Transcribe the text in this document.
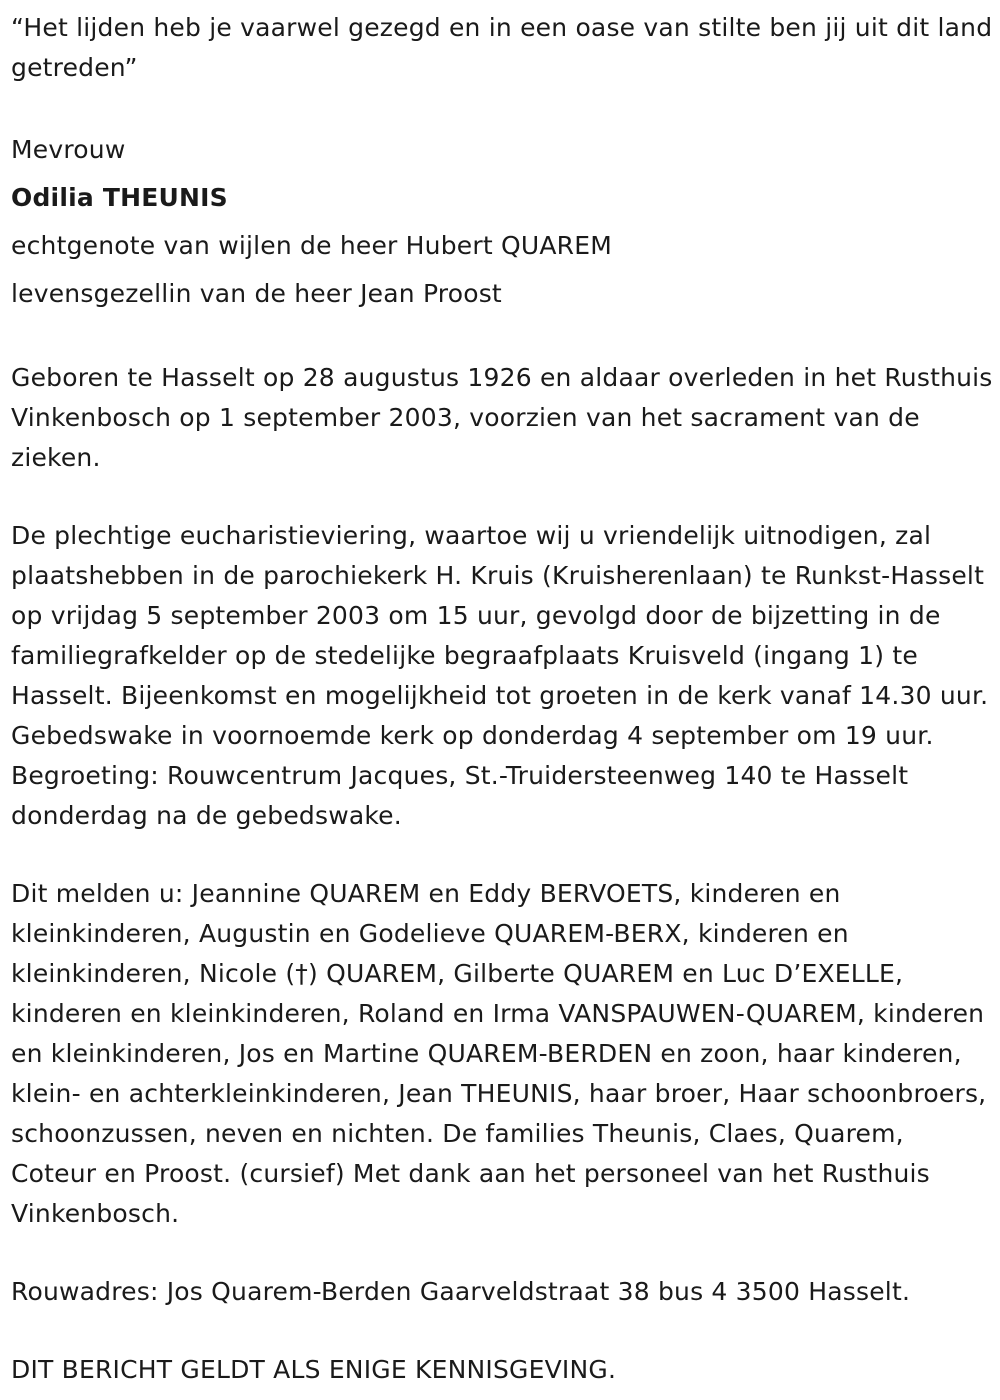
“Het lijden heb je vaarwel gezegd en in een oase van stilte ben jij uit dit land getreden”

Mevrouw

Odilia THEUNIS

echtgenote van wijlen de heer Hubert QUAREM

levensgezellin van de heer Jean Proost

Geboren te Hasselt op 28 augustus 1926 en aldaar overleden in het Rusthuis Vinkenbosch op 1 september 2003, voorzien van het sacrament van de zieken.

De plechtige eucharistieviering, waartoe wij u vriendelijk uitnodigen, zal plaatshebben in de parochiekerk H. Kruis (Kruisherenlaan) te Runkst-Hasselt op vrijdag 5 september 2003 om 15 uur, gevolgd door de bijzetting in de familiegrafkelder op de stedelijke begraafplaats Kruisveld (ingang 1) te Hasselt. Bijeenkomst en mogelijkheid tot groeten in de kerk vanaf 14.30 uur. Gebedswake in voornoemde kerk op donderdag 4 september om 19 uur. Begroeting: Rouwcentrum Jacques, St.-Truidersteenweg 140 te Hasselt donderdag na de gebedswake.

Dit melden u: Jeannine QUAREM en Eddy BERVOETS, kinderen en kleinkinderen, Augustin en Godelieve QUAREM-BERX, kinderen en kleinkinderen, Nicole (†) QUAREM, Gilberte QUAREM en Luc D’EXELLE, kinderen en kleinkinderen, Roland en Irma VANSPAUWEN-QUAREM, kinderen en kleinkinderen, Jos en Martine QUAREM-BERDEN en zoon, haar kinderen, klein- en achterkleinkinderen, Jean THEUNIS, haar broer, Haar schoonbroers, schoonzussen, neven en nichten. De families Theunis, Claes, Quarem, Coteur en Proost. (cursief) Met dank aan het personeel van het Rusthuis Vinkenbosch.

Rouwadres: Jos Quarem-Berden Gaarveldstraat 38 bus 4 3500 Hasselt.

DIT BERICHT GELDT ALS ENIGE KENNISGEVING.
